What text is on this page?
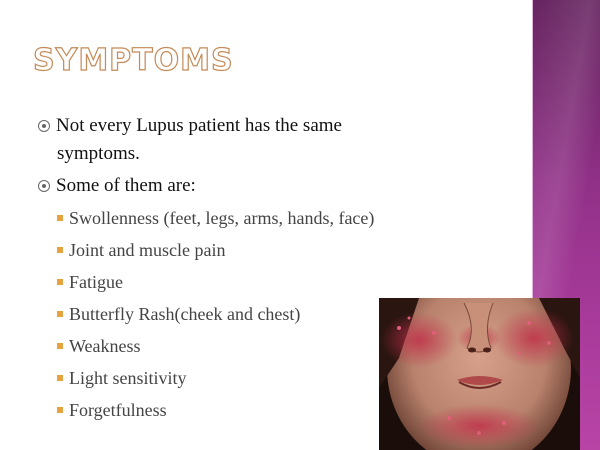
SYMPTOMS
Not every Lupus patient has the same
symptoms.
Some of them are:
Swollenness (feet, legs, arms, hands, face)
Joint and muscle pain
Fatigue
Butterfly Rash(cheek and chest)
Weakness
Light sensitivity
Forgetfulness
